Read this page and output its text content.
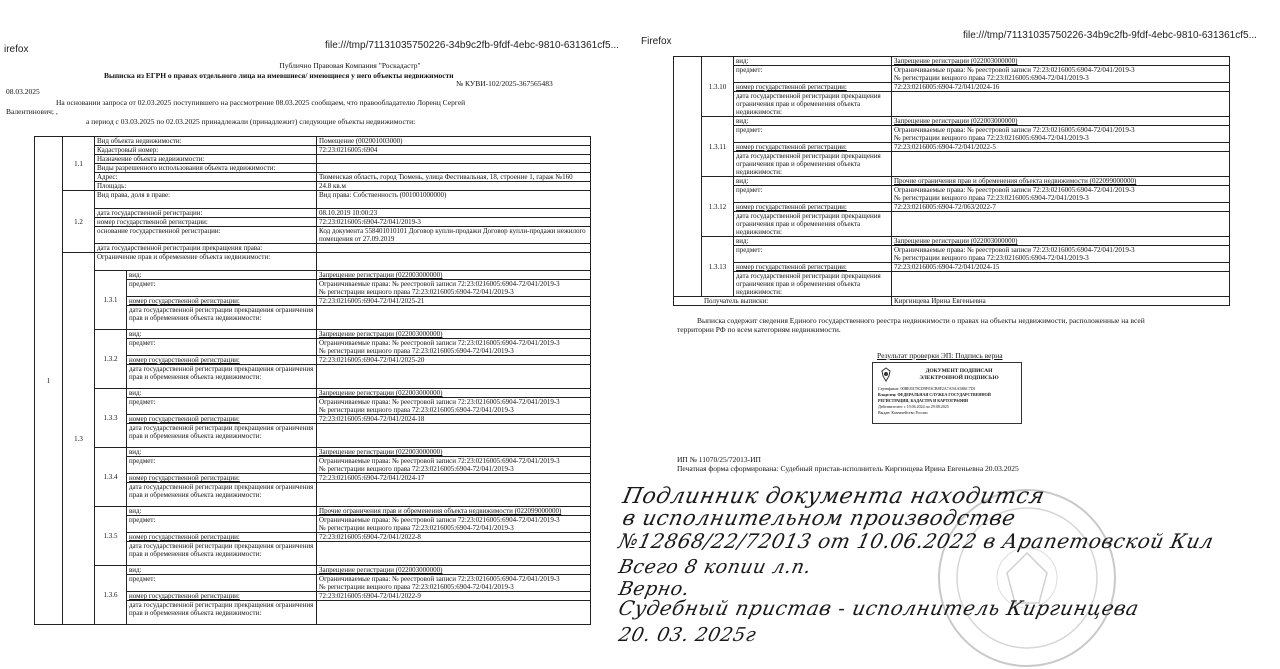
irefox	file:///tmp/71131035750226-34b9c2fb-9fdf-4ebc-9810-631361cf5...
Публично Правовая Компания "Роскадастр"
Выписка из ЕГРН о правах отдельного лица на имевшиеся/ имеющиеся у него объекты недвижимости
№ КУВИ-102/2025-367565483
08.03.2025
На основании запроса от 02.03.2025 поступившего на рассмотрение 08.03.2025 сообщаем, что правообладателю Лоренц Сергей
Валентинович; ,
а период с 03.03.2025 по 02.03.2025 принадлежали (принадлежит) следующие объекты недвижимости:
1	1.1	Вид объекта недвижимости:		Помещение (002001003000)
		Кадастровый номер:		72:23:0216005:6904
		Назначение объекта недвижимости:		
		Виды разрешенного использования объекта недвижимости:		
		Адрес:		Тюменская область, город Тюмень, улица Фестивальная, 18, строение 1, гараж №160
		Площадь:		24.8 кв.м
	1.2	Вид права, доля в праве:		Вид права: Собственность (001001000000)
		дата государственной регистрации:		08.10.2019 10:00:23
		номер государственной регистрации:		72:23:0216005:6904-72/041/2019-3
		основание государственной регистрации:		Код документа 558401010101 Договор купли-продажи Договор купли-продажи нежилого помещения от 27.09.2019
		дата государственной регистрации прекращения права:		
	1.3	Ограничение прав и обременение объекта недвижимости:		
		1.3.1	вид:	Запрещение регистрации (022003000000)
			предмет:	Ограничиваемые права: № реестровой записи 72:23:0216005:6904-72/041/2019-3
№ регистрации вещного права 72:23:0216005:6904-72/041/2019-3

			номер государственной регистрации:	72:23:0216005:6904-72/041/2025-21
			дата государственной регистрации прекращения ограничения прав и обременения объекта недвижимости:	
		1.3.2	вид:	Запрещение регистрации (022003000000)
			предмет:	Ограничиваемые права: № реестровой записи 72:23:0216005:6904-72/041/2019-3
№ регистрации вещного права 72:23:0216005:6904-72/041/2019-3

			номер государственной регистрации:	72:23:0216005:6904-72/041/2025-20
			дата государственной регистрации прекращения ограничения прав и обременения объекта недвижимости:	
		1.3.3	вид:	Запрещение регистрации (022003000000)
			предмет:	Ограничиваемые права: № реестровой записи 72:23:0216005:6904-72/041/2019-3
№ регистрации вещного права 72:23:0216005:6904-72/041/2019-3

			номер государственной регистрации:	72:23:0216005:6904-72/041/2024-18
			дата государственной регистрации прекращения ограничения прав и обременения объекта недвижимости:	
		1.3.4	вид:	Запрещение регистрации (022003000000)
			предмет:	Ограничиваемые права: № реестровой записи 72:23:0216005:6904-72/041/2019-3
№ регистрации вещного права 72:23:0216005:6904-72/041/2019-3

			номер государственной регистрации:	72:23:0216005:6904-72/041/2024-17
			дата государственной регистрации прекращения ограничения прав и обременения объекта недвижимости:	
		1.3.5	вид:	Прочие ограничения прав и обременения объекта недвижимости (022099000000)
			предмет:	Ограничиваемые права: № реестровой записи 72:23:0216005:6904-72/041/2019-3
№ регистрации вещного права 72:23:0216005:6904-72/041/2019-3

			номер государственной регистрации:	72:23:0216005:6904-72/041/2022-8
			дата государственной регистрации прекращения ограничения прав и обременения объекта недвижимости:	
		1.3.6	вид:	Запрещение регистрации (022003000000)
			предмет:	Ограничиваемые права: № реестровой записи 72:23:0216005:6904-72/041/2019-3
№ регистрации вещного права 72:23:0216005:6904-72/041/2019-3

			номер государственной регистрации:	72:23:0216005:6904-72/041/2022-9
			дата государственной регистрации прекращения ограничения прав и обременения объекта недвижимости:	
Firefox
file:///tmp/71131035750226-34b9c2fb-9fdf-4ebc-9810-631361cf5...
	1.3.10	вид:	Запрещение регистрации (022003000000)
		предмет:	Ограничиваемые права: № реестровой записи 72:23:0216005:6904-72/041/2019-3
№ регистрации вещного права 72:23:0216005:6904-72/041/2019-3

		номер государственной регистрации:	72:23:0216005:6904-72/041/2024-16
		дата государственной регистрации прекращения ограничения прав и обременения объекта недвижимости:	
	1.3.11	вид:	Запрещение регистрации (022003000000)
		предмет:	Ограничиваемые права: № реестровой записи 72:23:0216005:6904-72/041/2019-3
№ регистрации вещного права 72:23:0216005:6904-72/041/2019-3

		номер государственной регистрации:	72:23:0216005:6904-72/041/2022-5
		дата государственной регистрации прекращения ограничения прав и обременения объекта недвижимости:	
	1.3.12	вид:	Прочие ограничения прав и обременения объекта недвижимости (022099000000)
		предмет:	Ограничиваемые права: № реестровой записи 72:23:0216005:6904-72/041/2019-3
№ регистрации вещного права 72:23:0216005:6904-72/041/2019-3

		номер государственной регистрации:	72:23:0216005:6904-72/063/2022-7
		дата государственной регистрации прекращения ограничения прав и обременения объекта недвижимости:	
	1.3.13	вид:	Запрещение регистрации (022003000000)
		предмет:	Ограничиваемые права: № реестровой записи 72:23:0216005:6904-72/041/2019-3
№ регистрации вещного права 72:23:0216005:6904-72/041/2019-3

		номер государственной регистрации:	72:23:0216005:6904-72/041/2024-15
		дата государственной регистрации прекращения ограничения прав и обременения объекта недвижимости:	
Получатель выписки:			Киргинцева Ирина Евгеньевна
Выписка содержит сведения Единого государственного реестра недвижимости о правах на объекты недвижимости, расположенные на всей
территории РФ по всем категориям недвижимости.
Результат проверки ЭП: Подпись верна
ДОКУМЕНТ ПОДПИСАН
ЭЛЕКТРОННОЙ ПОДПИСЬЮ
Сертификат: 00BE8A78CD9F03CB8F2A7A9AA5B6C7D1
Владелец: ФЕДЕРАЛЬНАЯ СЛУЖБА ГОСУДАРСТВЕННОЙ
РЕГИСТРАЦИИ, КАДАСТРА И КАРТОГРАФИИ
Действителен: с 19.06.2024 по 29.08.2025
Выдан: Казначейство России
ИП № 11070/25/72013-ИП
Печатная форма сформирована: Судебный пристав-исполнитель Киргинцева Ирина Евгеньевна 20.03.2025
Подлинник документа находится
в исполнительном производстве
№12868/22/72013 от 10.06.2022 в Арапетовской Кил
Всего 8 копии л.п.
Верно.
Судебный пристав - исполнитель Киргинцева
20. 03. 2025г
